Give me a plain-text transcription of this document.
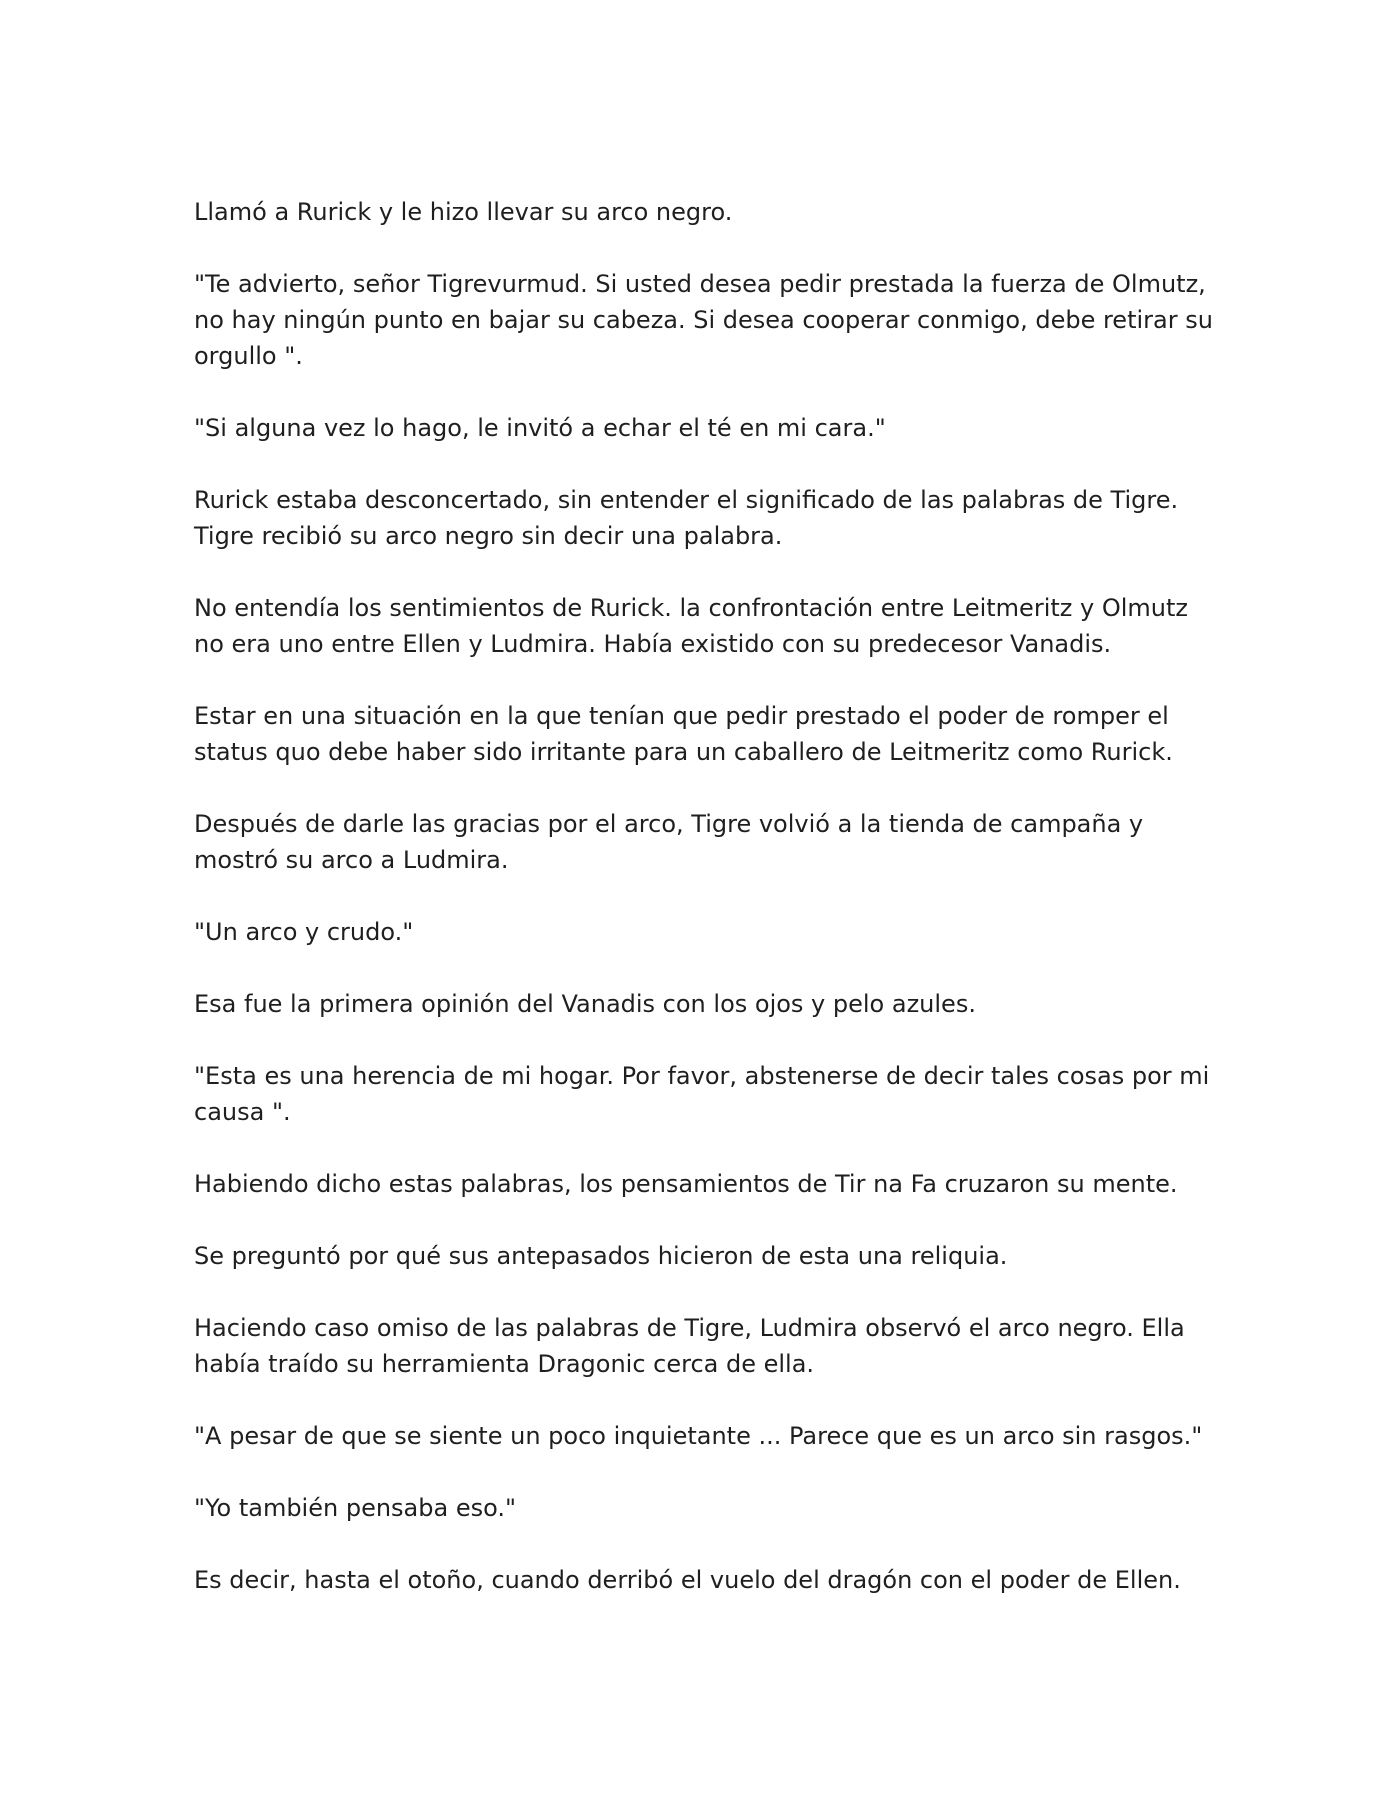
Llamó a Rurick y le hizo llevar su arco negro.

"Te advierto, señor Tigrevurmud. Si usted desea pedir prestada la fuerza de Olmutz, no hay ningún punto en bajar su cabeza. Si desea cooperar conmigo, debe retirar su orgullo ".

"Si alguna vez lo hago, le invitó a echar el té en mi cara."

Rurick estaba desconcertado, sin entender el significado de las palabras de Tigre. Tigre recibió su arco negro sin decir una palabra.

No entendía los sentimientos de Rurick. la confrontación entre Leitmeritz y Olmutz no era uno entre Ellen y Ludmira. Había existido con su predecesor Vanadis.

Estar en una situación en la que tenían que pedir prestado el poder de romper el status quo debe haber sido irritante para un caballero de Leitmeritz como Rurick.

Después de darle las gracias por el arco, Tigre volvió a la tienda de campaña y mostró su arco a Ludmira.

"Un arco y crudo."

Esa fue la primera opinión del Vanadis con los ojos y pelo azules.

"Esta es una herencia de mi hogar. Por favor, abstenerse de decir tales cosas por mi causa ".

Habiendo dicho estas palabras, los pensamientos de Tir na Fa cruzaron su mente.

Se preguntó por qué sus antepasados hicieron de esta una reliquia.

Haciendo caso omiso de las palabras de Tigre, Ludmira observó el arco negro. Ella había traído su herramienta Dragonic cerca de ella.

"A pesar de que se siente un poco inquietante ... Parece que es un arco sin rasgos."

"Yo también pensaba eso."

Es decir, hasta el otoño, cuando derribó el vuelo del dragón con el poder de Ellen.
